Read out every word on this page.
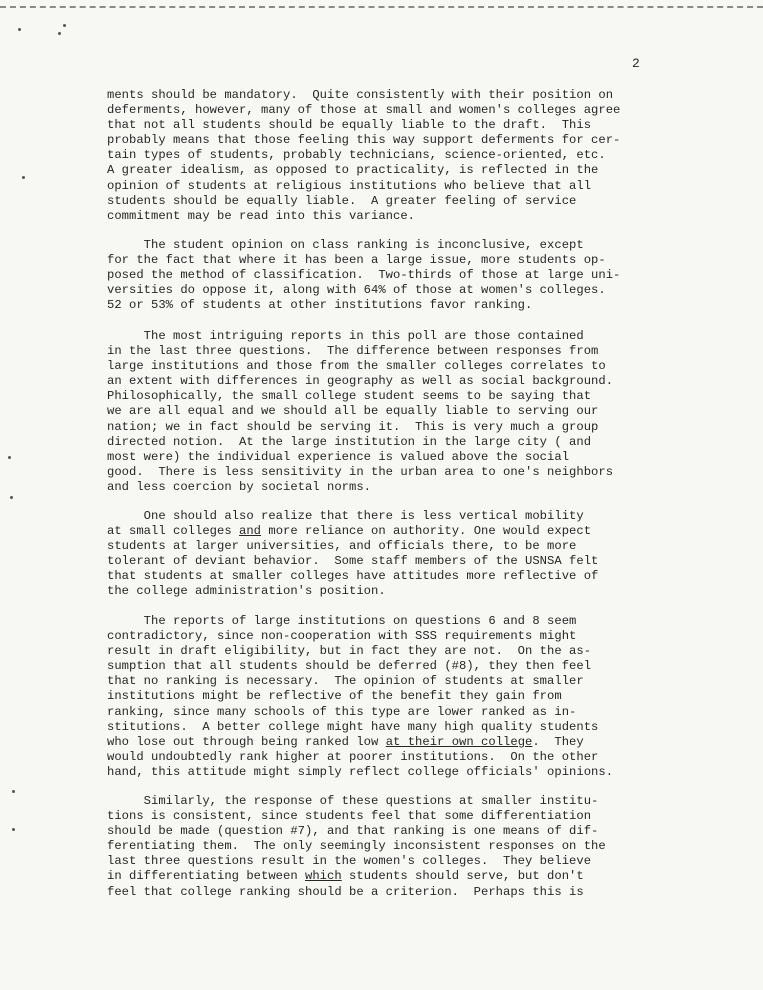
2
ments should be mandatory.  Quite consistently with their position on
deferments, however, many of those at small and women's colleges agree
that not all students should be equally liable to the draft.  This
probably means that those feeling this way support deferments for cer-
tain types of students, probably technicians, science-oriented, etc.
A greater idealism, as opposed to practicality, is reflected in the
opinion of students at religious institutions who believe that all
students should be equally liable.  A greater feeling of service
commitment may be read into this variance.
The student opinion on class ranking is inconclusive, except
for the fact that where it has been a large issue, more students op-
posed the method of classification.  Two-thirds of those at large uni-
versities do oppose it, along with 64% of those at women's colleges.
52 or 53% of students at other institutions favor ranking.
The most intriguing reports in this poll are those contained
in the last three questions.  The difference between responses from
large institutions and those from the smaller colleges correlates to
an extent with differences in geography as well as social background.
Philosophically, the small college student seems to be saying that
we are all equal and we should all be equally liable to serving our
nation; we in fact should be serving it.  This is very much a group
directed notion.  At the large institution in the large city ( and
most were) the individual experience is valued above the social
good.  There is less sensitivity in the urban area to one's neighbors
and less coercion by societal norms.
One should also realize that there is less vertical mobility
at small colleges and more reliance on authority. One would expect
students at larger universities, and officials there, to be more
tolerant of deviant behavior.  Some staff members of the USNSA felt
that students at smaller colleges have attitudes more reflective of
the college administration's position.
The reports of large institutions on questions 6 and 8 seem
contradictory, since non-cooperation with SSS requirements might
result in draft eligibility, but in fact they are not.  On the as-
sumption that all students should be deferred (#8), they then feel
that no ranking is necessary.  The opinion of students at smaller
institutions might be reflective of the benefit they gain from
ranking, since many schools of this type are lower ranked as in-
stitutions.  A better college might have many high quality students
who lose out through being ranked low at their own college.  They
would undoubtedly rank higher at poorer institutions.  On the other
hand, this attitude might simply reflect college officials' opinions.
Similarly, the response of these questions at smaller institu-
tions is consistent, since students feel that some differentiation
should be made (question #7), and that ranking is one means of dif-
ferentiating them.  The only seemingly inconsistent responses on the
last three questions result in the women's colleges.  They believe
in differentiating between which students should serve, but don't
feel that college ranking should be a criterion.  Perhaps this is
